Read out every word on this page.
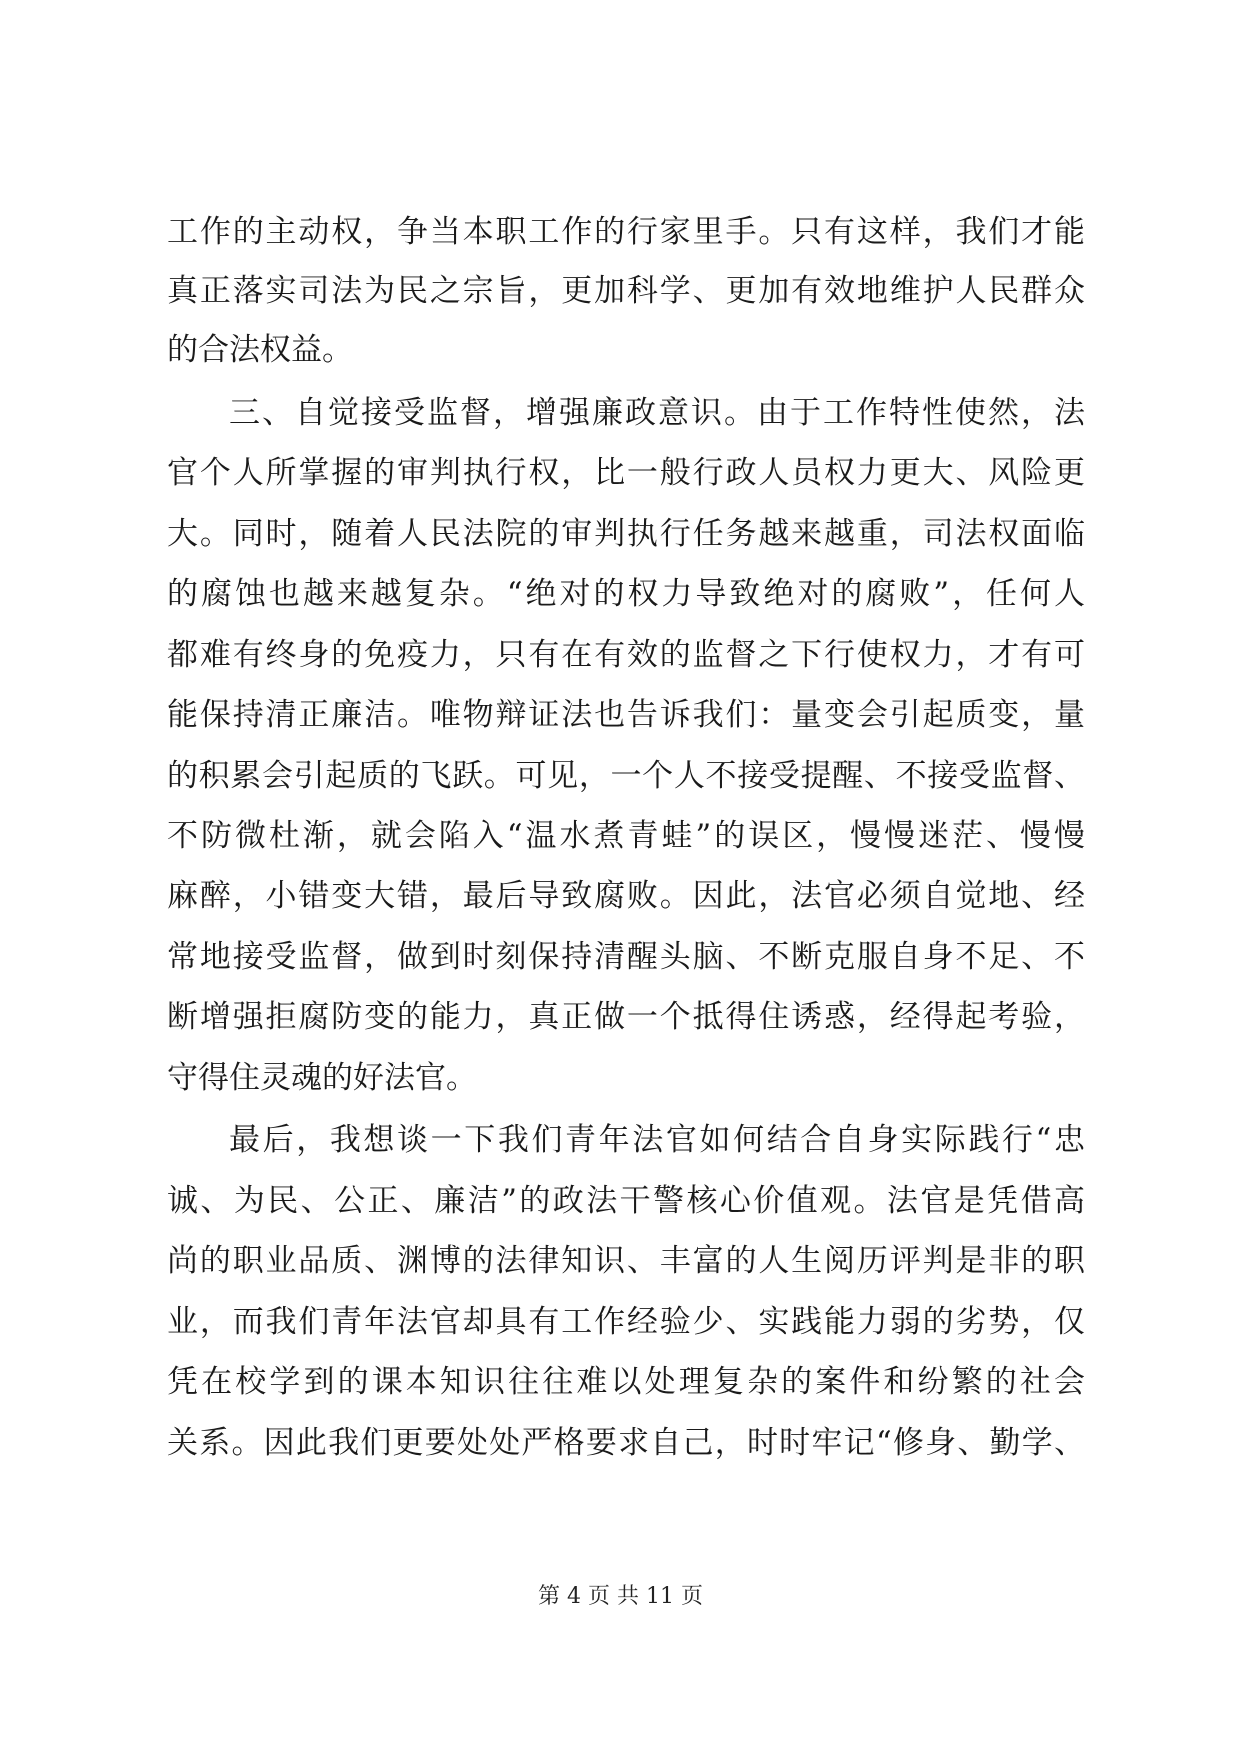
工作的主动权，争当本职工作的行家里手。只有这样，我们才能
真正落实司法为民之宗旨，更加科学、更加有效地维护人民群众
的合法权益。
三、自觉接受监督，增强廉政意识。由于工作特性使然，法
官个人所掌握的审判执行权，比一般行政人员权力更大、风险更
大。同时，随着人民法院的审判执行任务越来越重，司法权面临
的腐蚀也越来越复杂。“绝对的权力导致绝对的腐败”，任何人
都难有终身的免疫力，只有在有效的监督之下行使权力，才有可
能保持清正廉洁。唯物辩证法也告诉我们：量变会引起质变，量
的积累会引起质的飞跃。可见，一个人不接受提醒、不接受监督、
不防微杜渐，就会陷入“温水煮青蛙”的误区，慢慢迷茫、慢慢
麻醉，小错变大错，最后导致腐败。因此，法官必须自觉地、经
常地接受监督，做到时刻保持清醒头脑、不断克服自身不足、不
断增强拒腐防变的能力，真正做一个抵得住诱惑，经得起考验，
守得住灵魂的好法官。
最后，我想谈一下我们青年法官如何结合自身实际践行“忠
诚、为民、公正、廉洁”的政法干警核心价值观。法官是凭借高
尚的职业品质、渊博的法律知识、丰富的人生阅历评判是非的职
业，而我们青年法官却具有工作经验少、实践能力弱的劣势，仅
凭在校学到的课本知识往往难以处理复杂的案件和纷繁的社会
关系。因此我们更要处处严格要求自己，时时牢记“修身、勤学、
第 4 页 共 11 页
